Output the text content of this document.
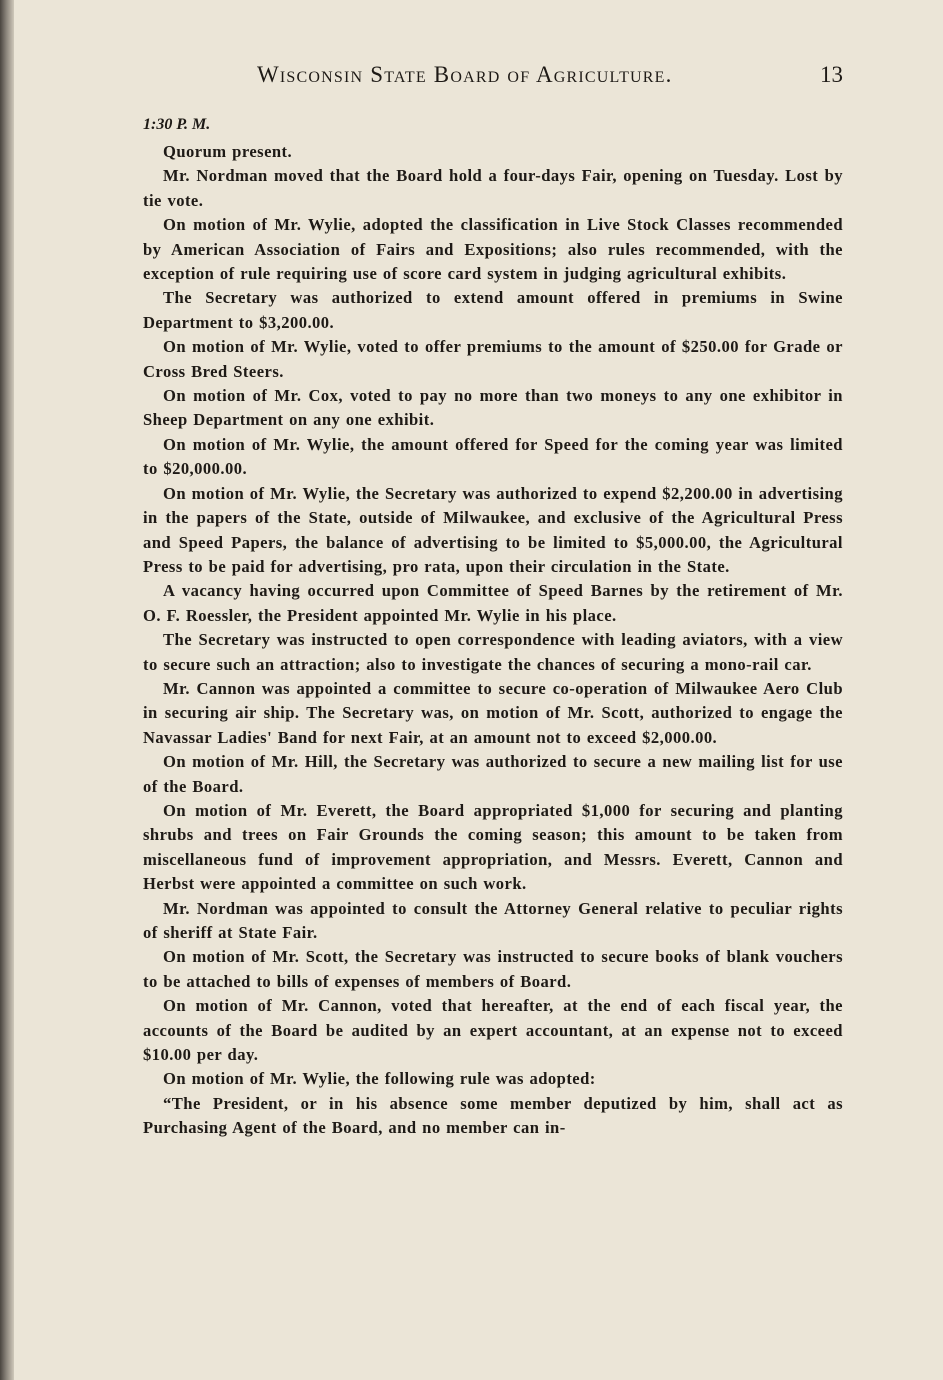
Wisconsin State Board of Agriculture.	13

1:30 P. M.

Quorum present.

Mr. Nordman moved that the Board hold a four-days Fair, opening on Tuesday. Lost by tie vote.

On motion of Mr. Wylie, adopted the classification in Live Stock Classes recommended by American Association of Fairs and Expositions; also rules recommended, with the exception of rule requiring use of score card system in judging agricultural exhibits.

The Secretary was authorized to extend amount offered in premiums in Swine Department to $3,200.00.

On motion of Mr. Wylie, voted to offer premiums to the amount of $250.00 for Grade or Cross Bred Steers.

On motion of Mr. Cox, voted to pay no more than two moneys to any one exhibitor in Sheep Department on any one exhibit.

On motion of Mr. Wylie, the amount offered for Speed for the coming year was limited to $20,000.00.

On motion of Mr. Wylie, the Secretary was authorized to expend $2,200.00 in advertising in the papers of the State, outside of Milwaukee, and exclusive of the Agricultural Press and Speed Papers, the balance of advertising to be limited to $5,000.00, the Agricultural Press to be paid for advertising, pro rata, upon their circulation in the State.

A vacancy having occurred upon Committee of Speed Barnes by the retirement of Mr. O. F. Roessler, the President appointed Mr. Wylie in his place.

The Secretary was instructed to open correspondence with leading aviators, with a view to secure such an attraction; also to investigate the chances of securing a mono-rail car.

Mr. Cannon was appointed a committee to secure co-operation of Milwaukee Aero Club in securing air ship. The Secretary was, on motion of Mr. Scott, authorized to engage the Navassar Ladies' Band for next Fair, at an amount not to exceed $2,000.00.

On motion of Mr. Hill, the Secretary was authorized to secure a new mailing list for use of the Board.

On motion of Mr. Everett, the Board appropriated $1,000 for securing and planting shrubs and trees on Fair Grounds the coming season; this amount to be taken from miscellaneous fund of improvement appropriation, and Messrs. Everett, Cannon and Herbst were appointed a committee on such work.

Mr. Nordman was appointed to consult the Attorney General relative to peculiar rights of sheriff at State Fair.

On motion of Mr. Scott, the Secretary was instructed to secure books of blank vouchers to be attached to bills of expenses of members of Board.

On motion of Mr. Cannon, voted that hereafter, at the end of each fiscal year, the accounts of the Board be audited by an expert accountant, at an expense not to exceed $10.00 per day.

On motion of Mr. Wylie, the following rule was adopted:

“The President, or in his absence some member deputized by him, shall act as Purchasing Agent of the Board, and no member can in-
